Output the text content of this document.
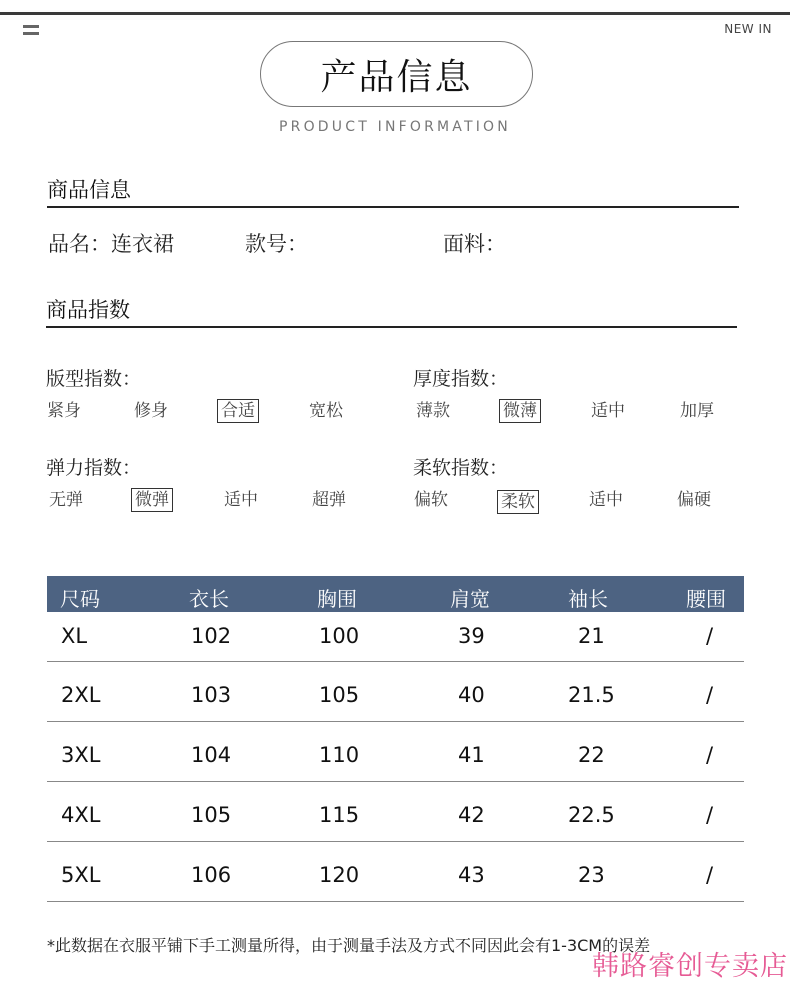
NEW IN
产品信息
PRODUCT INFORMATION
商品信息
品名：连衣裙	款号：	面料：
商品指数
版型指数：
紧身	修身	合适	宽松
厚度指数：
薄款	微薄	适中	加厚
弹力指数：
无弹	微弹	适中	超弹
柔软指数：
偏软	柔软	适中	偏硬
尺码	衣长	胸围	肩宽	袖长	腰围
XL	102	100	39	21	/
2XL	103	105	40	21.5	/
3XL	104	110	41	22	/
4XL	105	115	42	22.5	/
5XL	106	120	43	23	/
*此数据在衣服平铺下手工测量所得，由于测量手法及方式不同因此会有1-3CM的误差
韩路睿创专卖店
